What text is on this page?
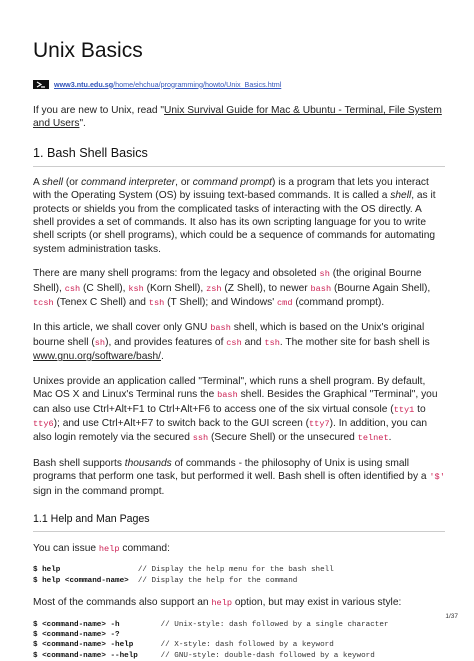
Unix Basics
www3.ntu.edu.sg/home/ehchua/programming/howto/Unix_Basics.html

If you are new to Unix, read "Unix Survival Guide for Mac & Ubuntu - Terminal, File System and Users".

1. Bash Shell Basics

A shell (or command interpreter, or command prompt) is a program that lets you interact with the Operating System (OS) by issuing text-based commands. It is called a shell, as it protects or shields you from the complicated tasks of interacting with the OS directly. A shell provides a set of commands. It also has its own scripting language for you to write shell scripts (or shell programs), which could be a sequence of commands for automating system administration tasks.

There are many shell programs: from the legacy and obsoleted sh (the original Bourne Shell), csh (C Shell), ksh (Korn Shell), zsh (Z Shell), to newer bash (Bourne Again Shell), tcsh (Tenex C Shell) and tsh (T Shell); and Windows' cmd (command prompt).

In this article, we shall cover only GNU bash shell, which is based on the Unix's original bourne shell (sh), and provides features of csh and tsh. The mother site for bash shell is www.gnu.org/software/bash/.

Unixes provide an application called "Terminal", which runs a shell program. By default, Mac OS X and Linux's Terminal runs the bash shell. Besides the Graphical "Terminal", you can also use Ctrl+Alt+F1 to Ctrl+Alt+F6 to access one of the six virtual console (tty1 to tty6); and use Ctrl+Alt+F7 to switch back to the GUI screen (tty7). In addition, you can also login remotely via the secured ssh (Secure Shell) or the unsecured telnet.

Bash shell supports thousands of commands - the philosophy of Unix is using small programs that perform one task, but performed it well. Bash shell is often identified by a '$' sign in the command prompt.

1.1 Help and Man Pages

You can issue help command:

$ help	// Display the help menu for the bash shell
$ help <command-name> // Display the help for the command

Most of the commands also support an help option, but may exist in various style:

$ <command-name> -h	// Unix-style: dash followed by a single character
$ <command-name> -?
$ <command-name> -help	// X-style: dash followed by a keyword
$ <command-name> --help	// GNU-style: double-dash followed by a keyword
1/37
